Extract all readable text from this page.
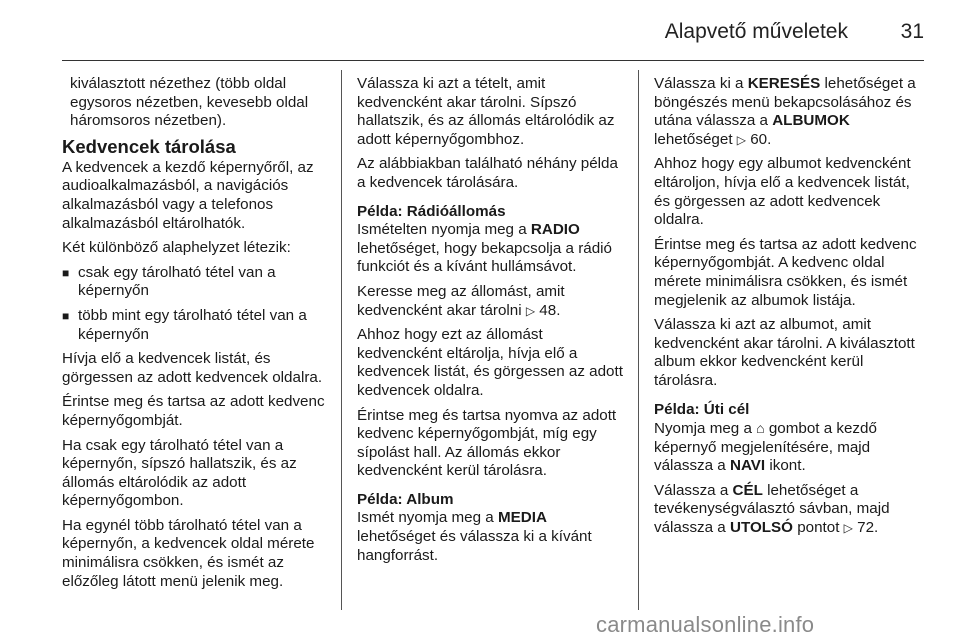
Alapvető műveletek	31

kiválasztott nézethez (több oldal egysoros nézetben, kevesebb oldal háromsoros nézetben).

Kedvencek tárolása

A kedvencek a kezdő képernyőről, az audioalkalmazásból, a navigációs alkalmazásból vagy a telefonos alkalmazásból eltárolhatók.

Két különböző alaphelyzet létezik:

■ csak egy tárolható tétel van a képernyőn
■ több mint egy tárolható tétel van a képernyőn

Hívja elő a kedvencek listát, és görgessen az adott kedvencek oldalra.

Érintse meg és tartsa az adott kedvenc képernyőgombját.

Ha csak egy tárolható tétel van a képernyőn, sípszó hallatszik, és az állomás eltárolódik az adott képernyőgombon.

Ha egynél több tárolható tétel van a képernyőn, a kedvencek oldal mérete minimálisra csökken, és ismét az előzőleg látott menü jelenik meg.

Válassza ki azt a tételt, amit kedvencként akar tárolni. Sípszó hallatszik, és az állomás eltárolódik az adott képernyőgombhoz.

Az alábbiakban található néhány példa a kedvencek tárolására.

Példa: Rádióállomás

Ismételten nyomja meg a RADIO lehetőséget, hogy bekapcsolja a rádió funkciót és a kívánt hullámsávot.

Keresse meg az állomást, amit kedvencként akar tárolni ▷ 48.

Ahhoz hogy ezt az állomást kedvencként eltárolja, hívja elő a kedvencek listát, és görgessen az adott kedvencek oldalra.

Érintse meg és tartsa nyomva az adott kedvenc képernyőgombját, míg egy sípolást hall. Az állomás ekkor kedvencként kerül tárolásra.

Példa: Album

Ismét nyomja meg a MEDIA lehetőséget és válassza ki a kívánt hangforrást.

Válassza ki a KERESÉS lehetőséget a böngészés menü bekapcsolásához és utána válassza a ALBUMOK lehetőséget ▷ 60.

Ahhoz hogy egy albumot kedvencként eltároljon, hívja elő a kedvencek listát, és görgessen az adott kedvencek oldalra.

Érintse meg és tartsa az adott kedvenc képernyőgombját. A kedvenc oldal mérete minimálisra csökken, és ismét megjelenik az albumok listája.

Válassza ki azt az albumot, amit kedvencként akar tárolni. A kiválasztott album ekkor kedvencként kerül tárolásra.

Példa: Úti cél

Nyomja meg a ⌂ gombot a kezdő képernyő megjelenítésére, majd válassza a NAVI ikont.

Válassza a CÉL lehetőséget a tevékenységválasztó sávban, majd válassza a UTOLSÓ pontot ▷ 72.

carmanualsonline.info
